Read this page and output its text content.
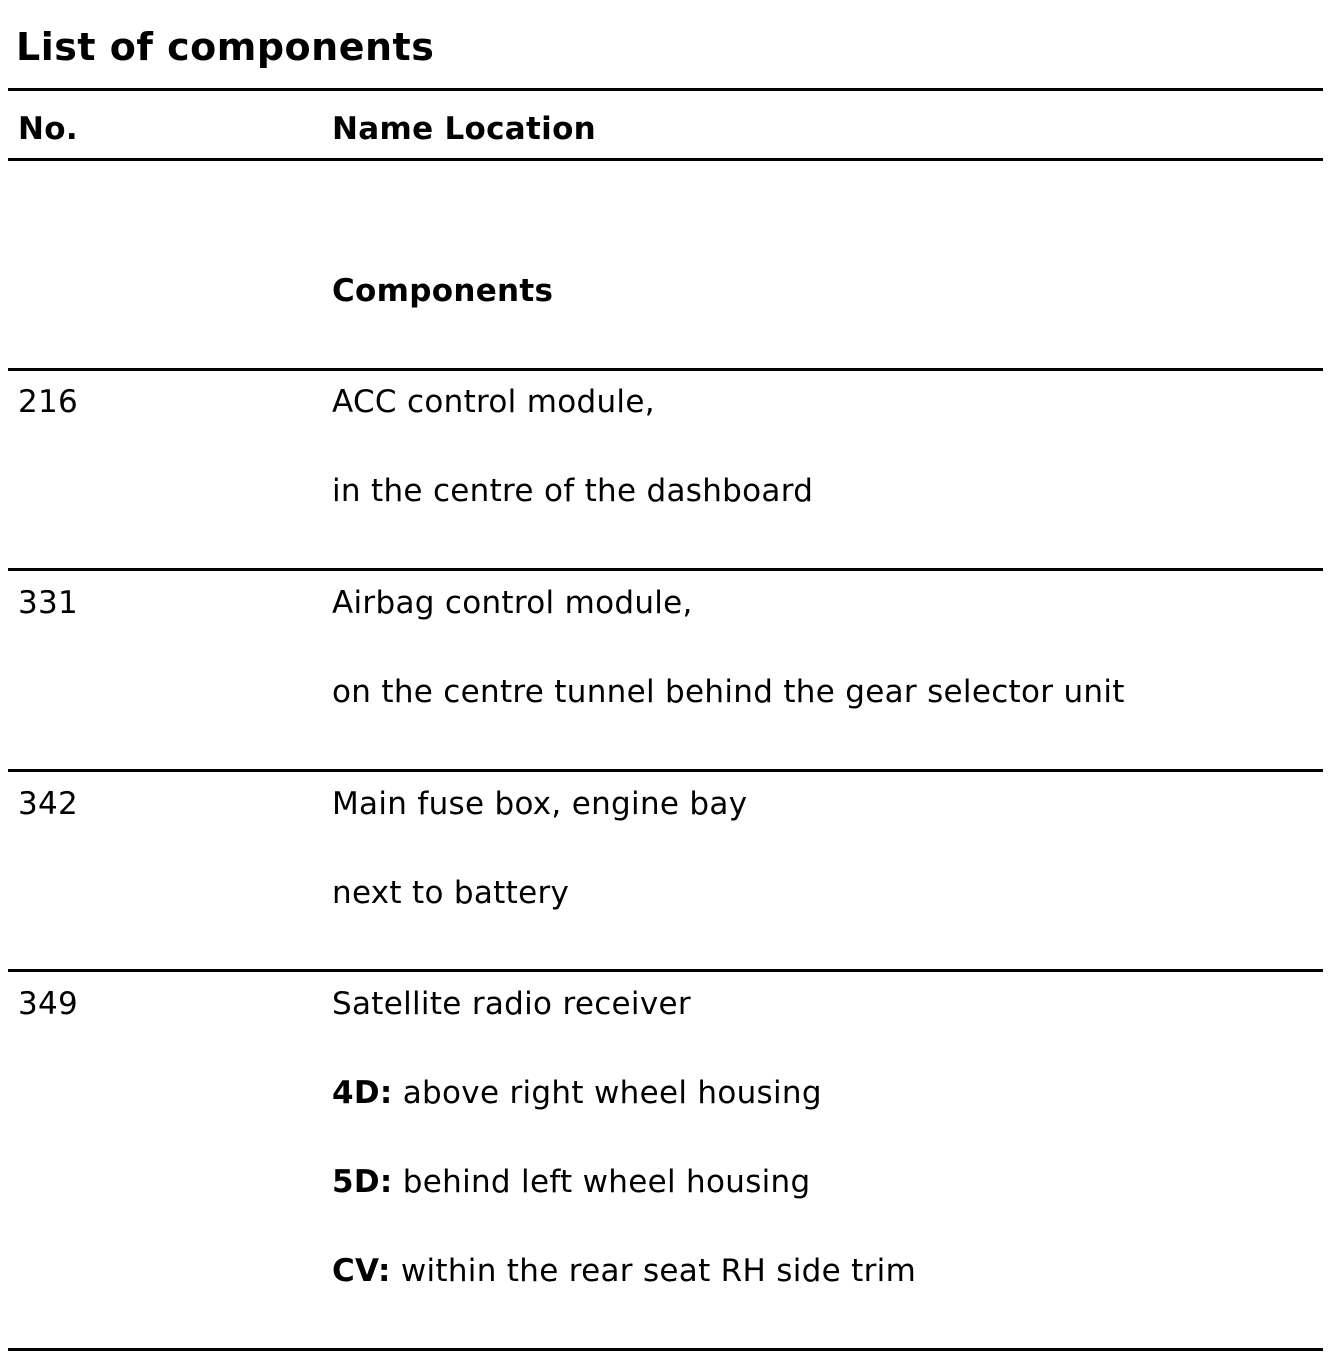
List of components
No.	Name Location
Components
216	ACC control module,
in the centre of the dashboard
331	Airbag control module,
on the centre tunnel behind the gear selector unit
342	Main fuse box, engine bay
next to battery
349	Satellite radio receiver
4D: above right wheel housing
5D: behind left wheel housing
CV: within the rear seat RH side trim
